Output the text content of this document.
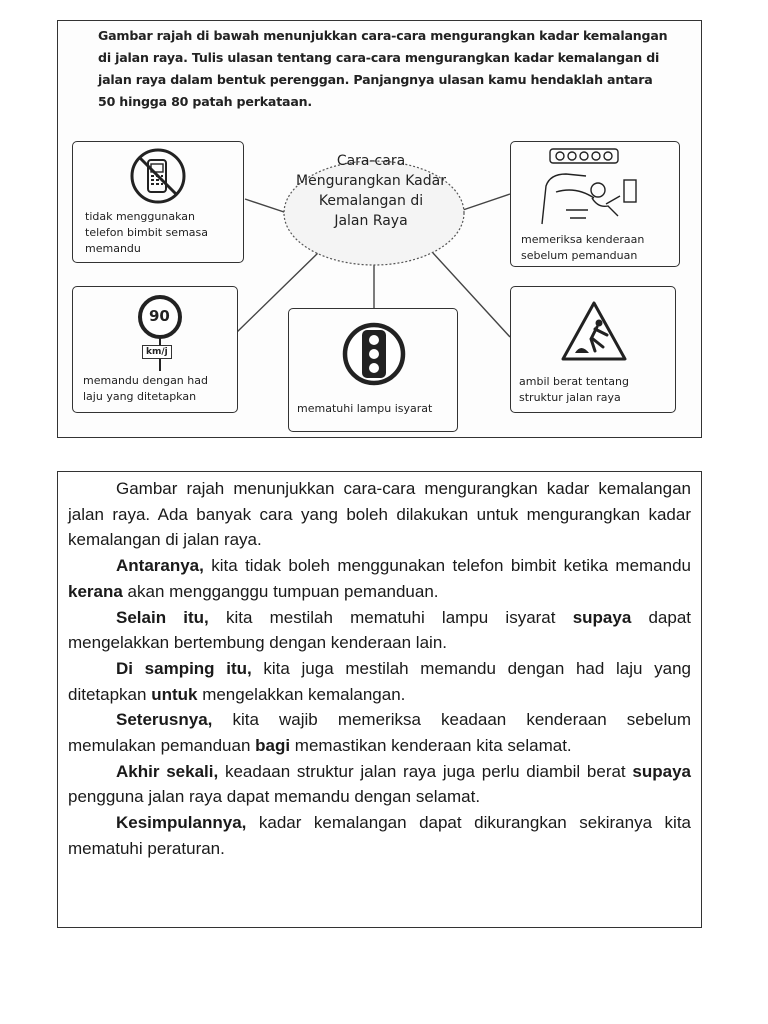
Gambar rajah di bawah menunjukkan cara-cara mengurangkan kadar kemalangan
di jalan raya. Tulis ulasan tentang cara-cara mengurangkan kadar kemalangan di
jalan raya dalam bentuk perenggan. Panjangnya ulasan kamu hendaklah antara
50 hingga 80 patah perkataan.
Cara-cara
Mengurangkan Kadar
Kemalangan di
Jalan Raya
tidak menggunakan
telefon bimbit semasa
memandu
memeriksa kenderaan
sebelum pemanduan
90
km/j
memandu dengan had
laju yang ditetapkan
mematuhi lampu isyarat
ambil berat tentang
struktur jalan raya

Gambar rajah menunjukkan cara-cara mengurangkan kadar kemalangan jalan raya. Ada banyak cara yang boleh dilakukan untuk mengurangkan kadar kemalangan di jalan raya.

Antaranya, kita tidak boleh menggunakan telefon bimbit ketika memandu kerana akan mengganggu tumpuan pemanduan.

Selain itu, kita mestilah mematuhi lampu isyarat supaya dapat mengelakkan bertembung dengan kenderaan lain.

Di samping itu, kita juga mestilah memandu dengan had laju yang ditetapkan untuk mengelakkan kemalangan.

Seterusnya, kita wajib memeriksa keadaan kenderaan sebelum memulakan pemanduan bagi memastikan kenderaan kita selamat.

Akhir sekali, keadaan struktur jalan raya juga perlu diambil berat supaya pengguna jalan raya dapat memandu dengan selamat.

Kesimpulannya, kadar kemalangan dapat dikurangkan sekiranya kita mematuhi peraturan.
